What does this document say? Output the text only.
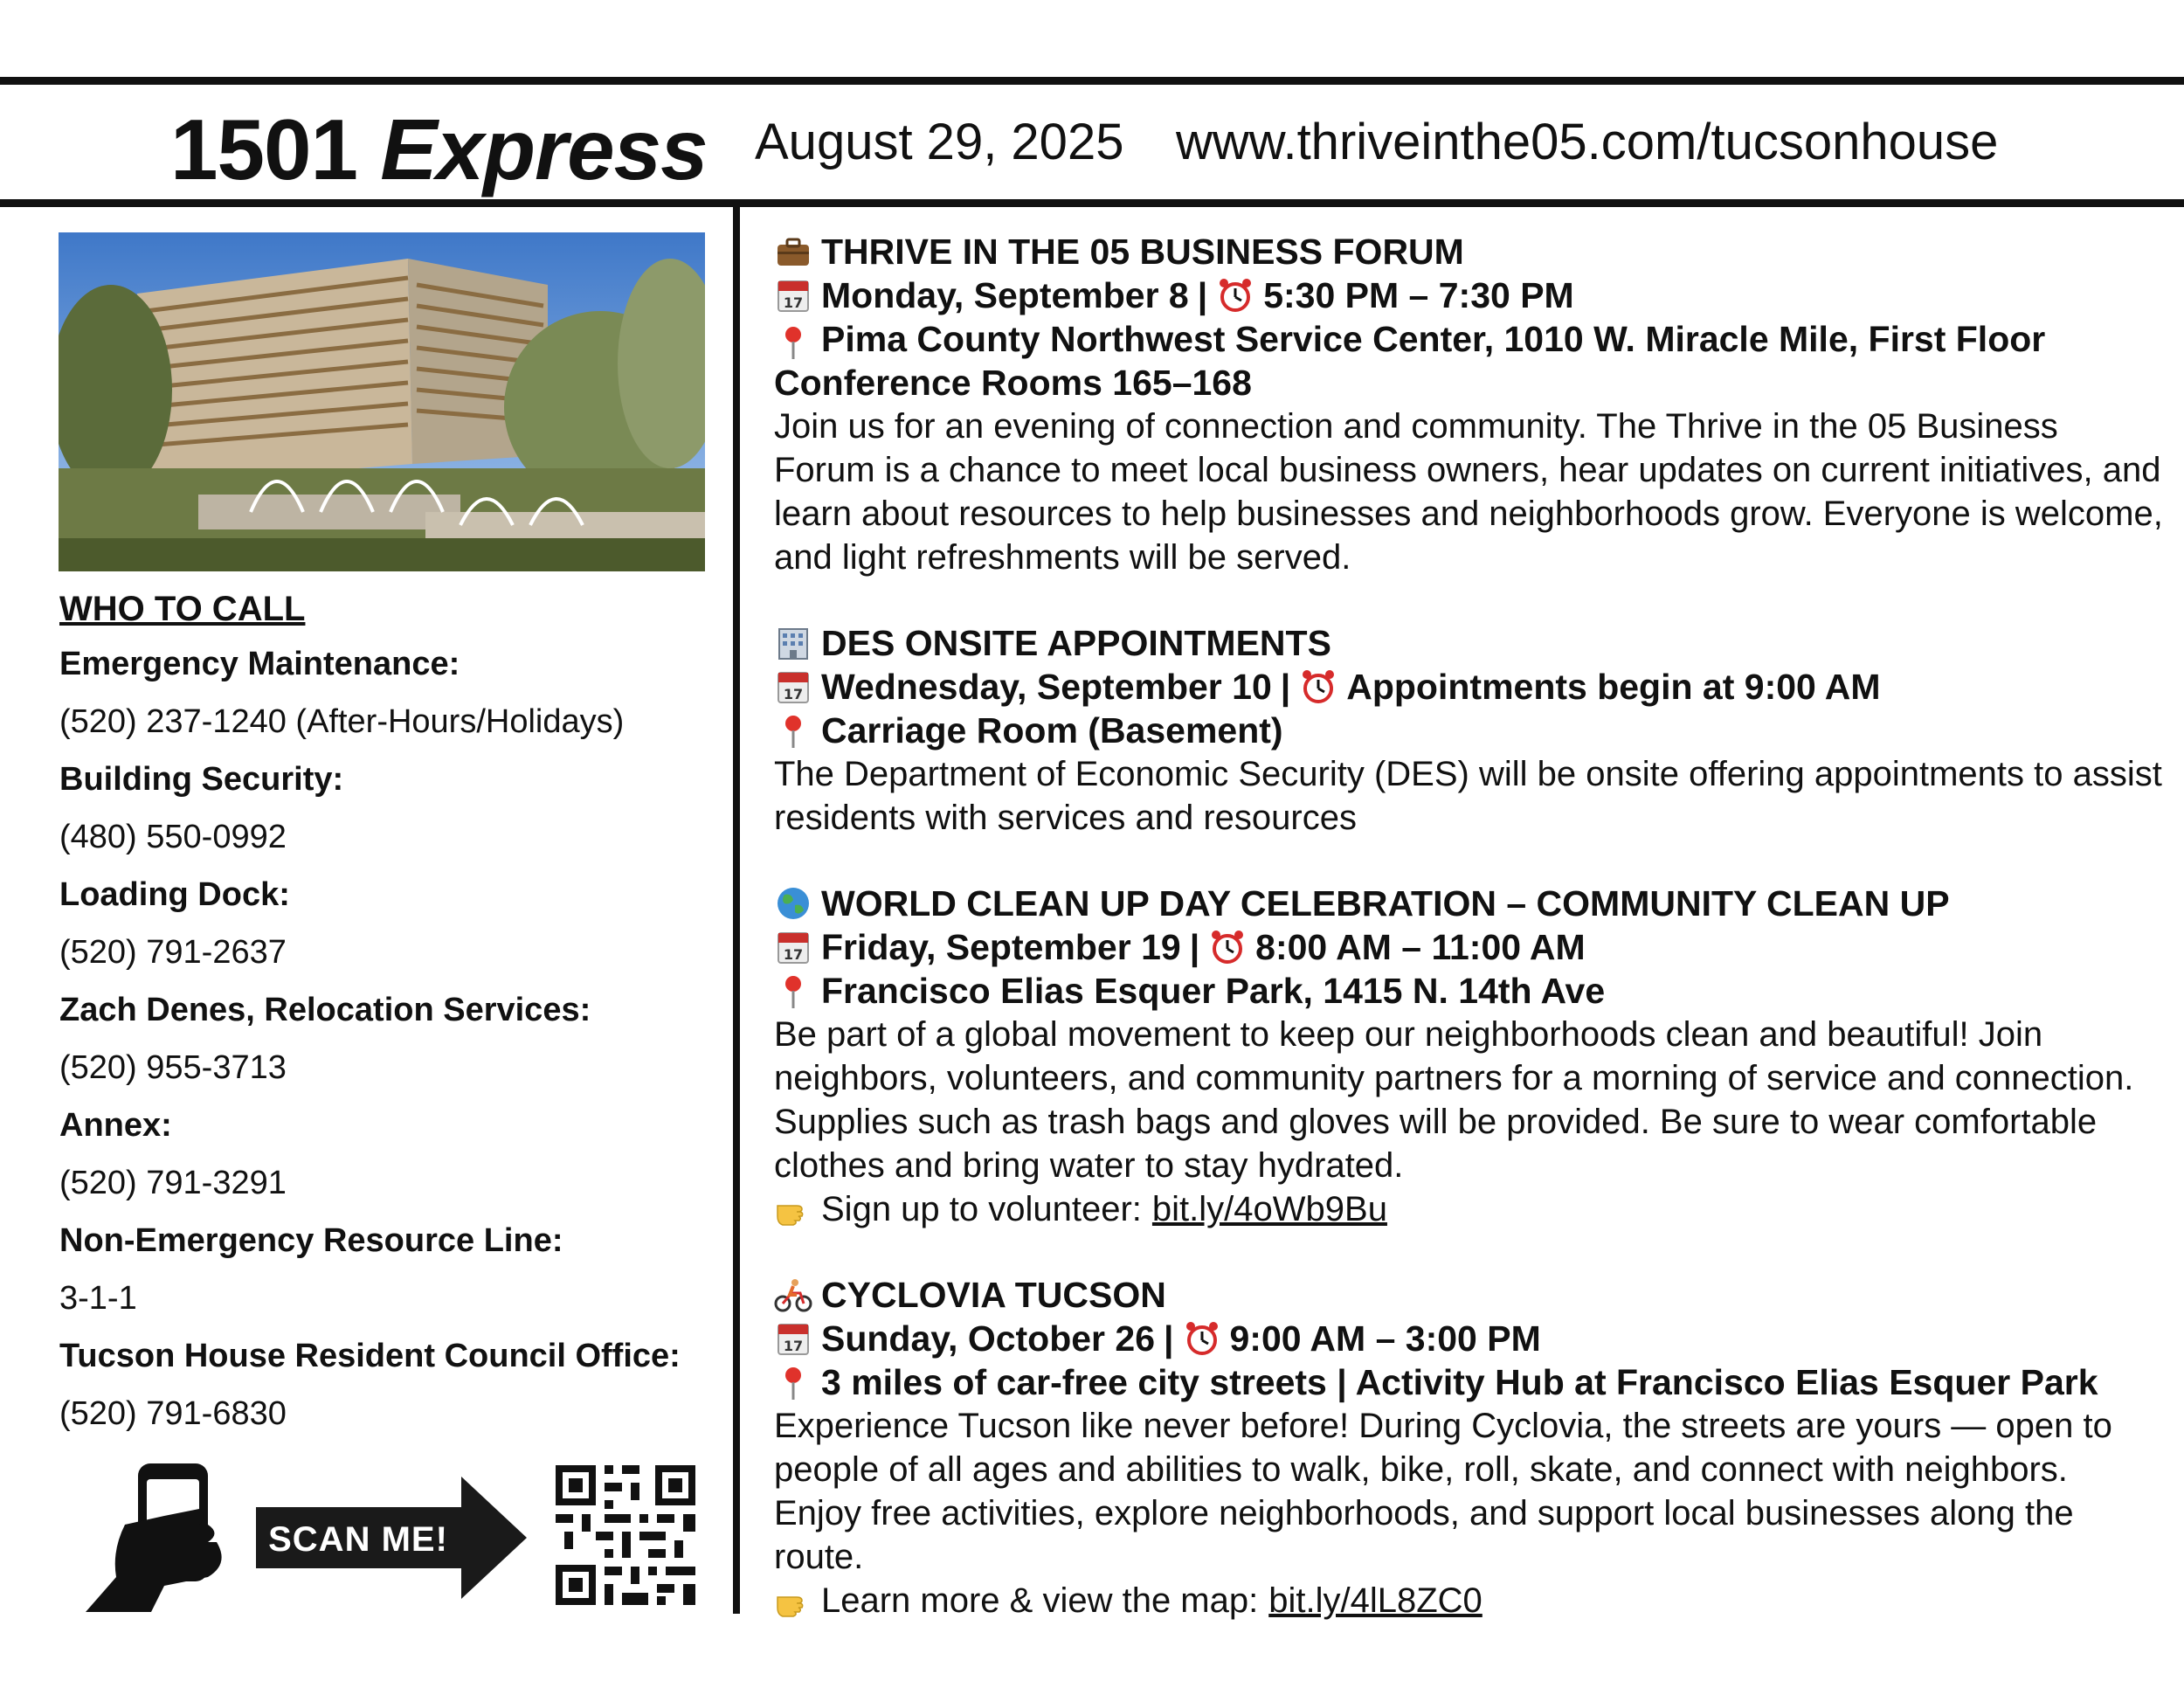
1501 Express August 29, 2025 www.thriveinthe05.com/tucsonhouse
WHO TO CALL
Emergency Maintenance:
(520) 237-1240 (After-Hours/Holidays)
Building Security:
(480) 550-0992
Loading Dock:
(520) 791-2637
Zach Denes, Relocation Services:
(520) 955-3713
Annex:
(520) 791-3291
Non-Emergency Resource Line:
3-1-1
Tucson House Resident Council Office:
(520) 791-6830
SCAN ME!
THRIVE IN THE 05 BUSINESS FORUM
17 Monday, September 8 | 5:30 PM – 7:30 PM
Pima County Northwest Service Center, 1010 W. Miracle Mile, First Floor Conference Rooms 165–168
Join us for an evening of connection and community. The Thrive in the 05 Business Forum is a chance to meet local business owners, hear updates on current initiatives, and learn about resources to help businesses and neighborhoods grow. Everyone is welcome, and light refreshments will be served.
DES ONSITE APPOINTMENTS
17 Wednesday, September 10 | Appointments begin at 9:00 AM
Carriage Room (Basement)
The Department of Economic Security (DES) will be onsite offering appointments to assist residents with services and resources
WORLD CLEAN UP DAY CELEBRATION – COMMUNITY CLEAN UP
17 Friday, September 19 | 8:00 AM – 11:00 AM
Francisco Elias Esquer Park, 1415 N. 14th Ave
Be part of a global movement to keep our neighborhoods clean and beautiful! Join neighbors, volunteers, and community partners for a morning of service and connection. Supplies such as trash bags and gloves will be provided. Be sure to wear comfortable clothes and bring water to stay hydrated.
Sign up to volunteer: bit.ly/4oWb9Bu
CYCLOVIA TUCSON
17 Sunday, October 26 | 9:00 AM – 3:00 PM
3 miles of car-free city streets | Activity Hub at Francisco Elias Esquer Park
Experience Tucson like never before! During Cyclovia, the streets are yours — open to people of all ages and abilities to walk, bike, roll, skate, and connect with neighbors. Enjoy free activities, explore neighborhoods, and support local businesses along the route.
Learn more & view the map: bit.ly/4lL8ZC0
